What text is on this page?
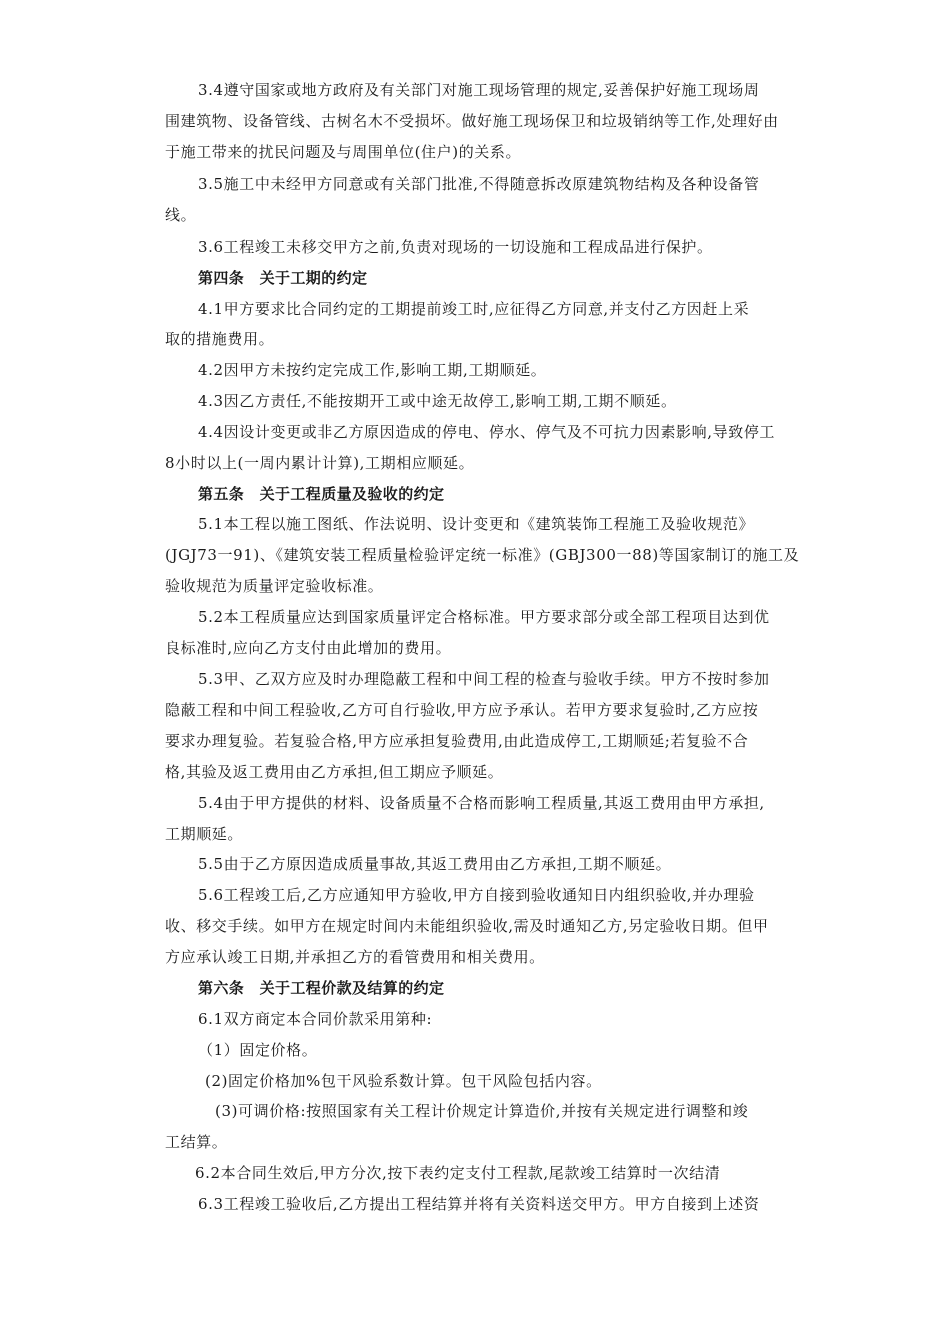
3.4遵守国家或地方政府及有关部门对施工现场管理的规定,妥善保护好施工现场周
围建筑物、设备管线、古树名木不受损坏。做好施工现场保卫和垃圾销纳等工作,处理好由
于施工带来的扰民问题及与周围单位(住户)的关系。
3.5施工中未经甲方同意或有关部门批准,不得随意拆改原建筑物结构及各种设备管
线。
3.6工程竣工未移交甲方之前,负责对现场的一切设施和工程成品进行保护。
第四条　关于工期的约定
4.1甲方要求比合同约定的工期提前竣工时,应征得乙方同意,并支付乙方因赶上采
取的措施费用。
4.2因甲方未按约定完成工作,影响工期,工期顺延。
4.3因乙方责任,不能按期开工或中途无故停工,影响工期,工期不顺延。
4.4因设计变更或非乙方原因造成的停电、停水、停气及不可抗力因素影响,导致停工
8小时以上(一周内累计计算),工期相应顺延。
第五条　关于工程质量及验收的约定
5.1本工程以施工图纸、作法说明、设计变更和《建筑装饰工程施工及验收规范》
(JGJ73一91)、《建筑安装工程质量检验评定统一标准》(GBJ300一88)等国家制订的施工及
验收规范为质量评定验收标准。
5.2本工程质量应达到国家质量评定合格标准。甲方要求部分或全部工程项目达到优
良标准时,应向乙方支付由此增加的费用。
5.3甲、乙双方应及时办理隐蔽工程和中间工程的检查与验收手续。甲方不按时参加
隐蔽工程和中间工程验收,乙方可自行验收,甲方应予承认。若甲方要求复验时,乙方应按
要求办理复验。若复验合格,甲方应承担复验费用,由此造成停工,工期顺延;若复验不合
格,其验及返工费用由乙方承担,但工期应予顺延。
5.4由于甲方提供的材料、设备质量不合格而影响工程质量,其返工费用由甲方承担,
工期顺延。
5.5由于乙方原因造成质量事故,其返工费用由乙方承担,工期不顺延。
5.6工程竣工后,乙方应通知甲方验收,甲方自接到验收通知日内组织验收,并办理验
收、移交手续。如甲方在规定时间内未能组织验收,需及时通知乙方,另定验收日期。但甲
方应承认竣工日期,并承担乙方的看管费用和相关费用。
第六条　关于工程价款及结算的约定
6.1双方商定本合同价款采用第种:
（1）固定价格。
(2)固定价格加%包干风验系数计算。包干风险包括内容。
(3)可调价格:按照国家有关工程计价规定计算造价,并按有关规定进行调整和竣
工结算。
6.2本合同生效后,甲方分次,按下表约定支付工程款,尾款竣工结算时一次结清
6.3工程竣工验收后,乙方提出工程结算并将有关资料送交甲方。甲方自接到上述资
